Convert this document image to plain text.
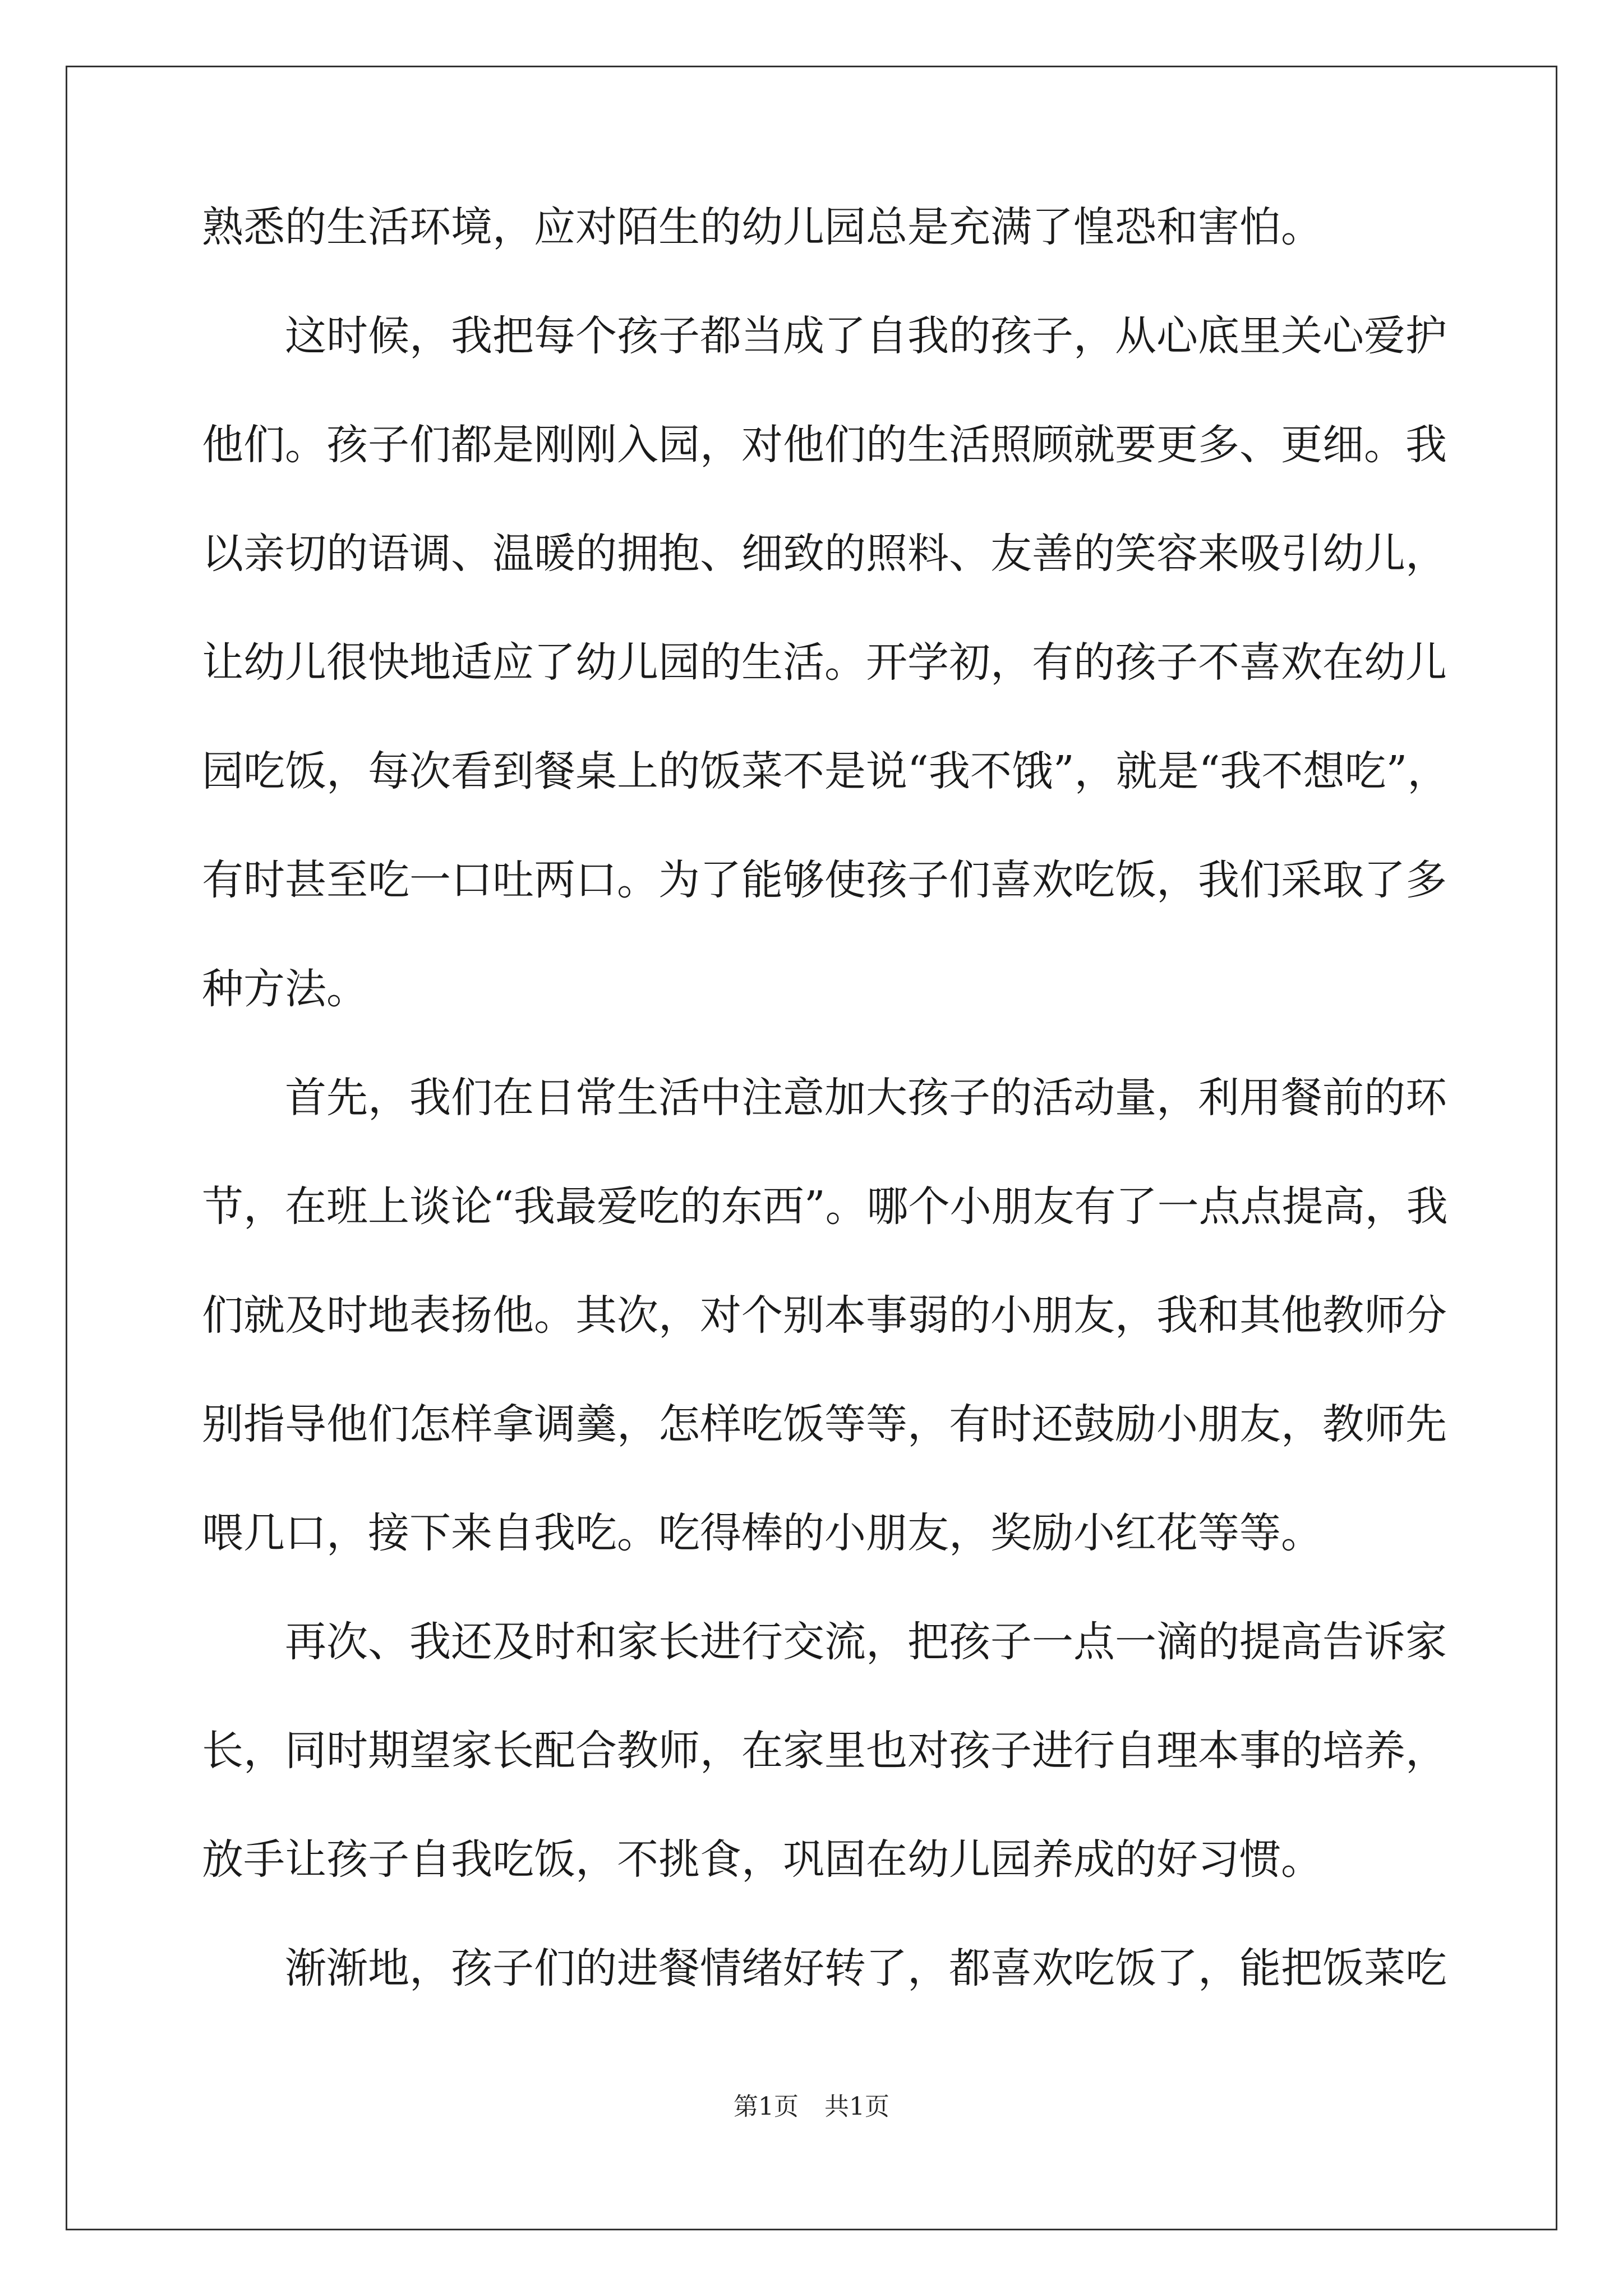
熟悉的生活环境，应对陌生的幼儿园总是充满了惶恐和害怕。
这时候，我把每个孩子都当成了自我的孩子，从心底里关心爱护
他们。孩子们都是刚刚入园，对他们的生活照顾就要更多、更细。我
以亲切的语调、温暖的拥抱、细致的照料、友善的笑容来吸引幼儿，
让幼儿很快地适应了幼儿园的生活。开学初，有的孩子不喜欢在幼儿
园吃饭，每次看到餐桌上的饭菜不是说“我不饿”，就是“我不想吃”，
有时甚至吃一口吐两口。为了能够使孩子们喜欢吃饭，我们采取了多
种方法。
首先，我们在日常生活中注意加大孩子的活动量，利用餐前的环
节，在班上谈论“我最爱吃的东西”。哪个小朋友有了一点点提高，我
们就及时地表扬他。其次，对个别本事弱的小朋友，我和其他教师分
别指导他们怎样拿调羹，怎样吃饭等等，有时还鼓励小朋友，教师先
喂几口，接下来自我吃。吃得棒的小朋友，奖励小红花等等。
再次、我还及时和家长进行交流，把孩子一点一滴的提高告诉家
长，同时期望家长配合教师，在家里也对孩子进行自理本事的培养，
放手让孩子自我吃饭，不挑食，巩固在幼儿园养成的好习惯。
渐渐地，孩子们的进餐情绪好转了，都喜欢吃饭了，能把饭菜吃
第1页 共1页
